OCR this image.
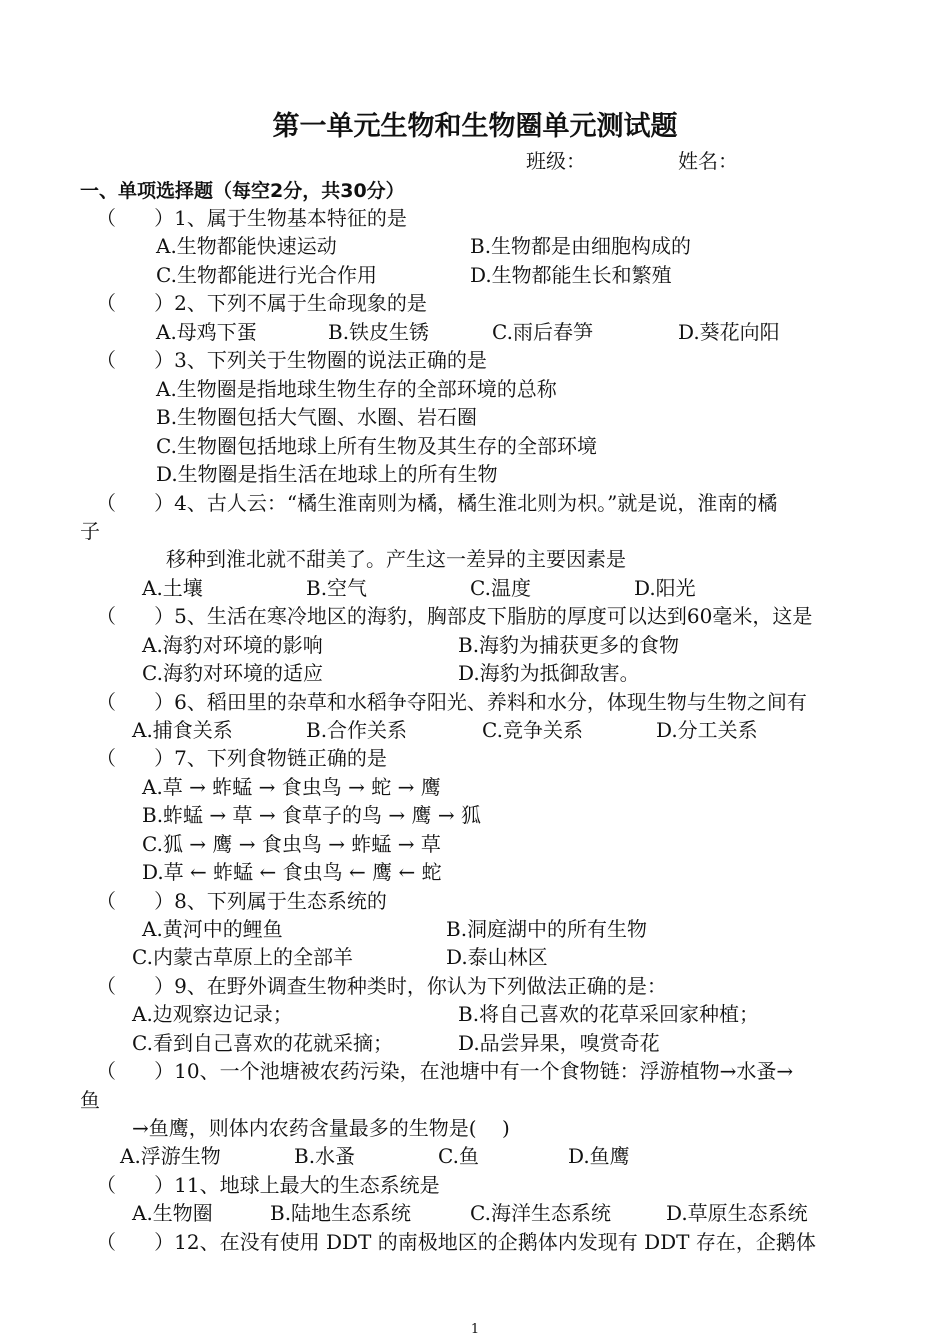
第一单元生物和生物圈单元测试题
班级：	姓名：
一、单项选择题（每空2分，共30分）
（      ）1、属于生物基本特征的是
A.生物都能快速运动	B.生物都是由细胞构成的
C.生物都能进行光合作用	D.生物都能生长和繁殖
（      ）2、下列不属于生命现象的是
A.母鸡下蛋	B.铁皮生锈	C.雨后春笋	D.葵花向阳
（      ）3、下列关于生物圈的说法正确的是
A.生物圈是指地球生物生存的全部环境的总称
B.生物圈包括大气圈、水圈、岩石圈
C.生物圈包括地球上所有生物及其生存的全部环境
D.生物圈是指生活在地球上的所有生物
（      ）4、古人云：“橘生淮南则为橘，橘生淮北则为枳。”就是说，淮南的橘
子
移种到淮北就不甜美了。产生这一差异的主要因素是
A.土壤	B.空气	C.温度	D.阳光
（      ）5、生活在寒冷地区的海豹，胸部皮下脂肪的厚度可以达到60毫米，这是
A.海豹对环境的影响	B.海豹为捕获更多的食物
C.海豹对环境的适应	D.海豹为抵御敌害。
（      ）6、稻田里的杂草和水稻争夺阳光、养料和水分，体现生物与生物之间有
A.捕食关系	B.合作关系	C.竞争关系	D.分工关系
（      ）7、下列食物链正确的是
A.草 → 蚱蜢 → 食虫鸟 → 蛇 → 鹰
B.蚱蜢 → 草 → 食草子的鸟 → 鹰 → 狐
C.狐 → 鹰 → 食虫鸟 → 蚱蜢 → 草
D.草 ← 蚱蜢 ← 食虫鸟 ← 鹰 ← 蛇
（      ）8、下列属于生态系统的
A.黄河中的鲤鱼	B.洞庭湖中的所有生物
C.内蒙古草原上的全部羊	D.泰山林区
（      ）9、在野外调查生物种类时，你认为下列做法正确的是：
A.边观察边记录；	B.将自己喜欢的花草采回家种植；
C.看到自己喜欢的花就采摘；	D.品尝异果，嗅赏奇花
（      ）10、一个池塘被农药污染，在池塘中有一个食物链：浮游植物→水蚤→
鱼
→鱼鹰，则体内农药含量最多的生物是(    )
A.浮游生物	B.水蚤	C.鱼	D.鱼鹰
（      ）11、地球上最大的生态系统是
A.生物圈	B.陆地生态系统	C.海洋生态系统	D.草原生态系统
（      ）12、在没有使用 DDT 的南极地区的企鹅体内发现有 DDT 存在，企鹅体
1
